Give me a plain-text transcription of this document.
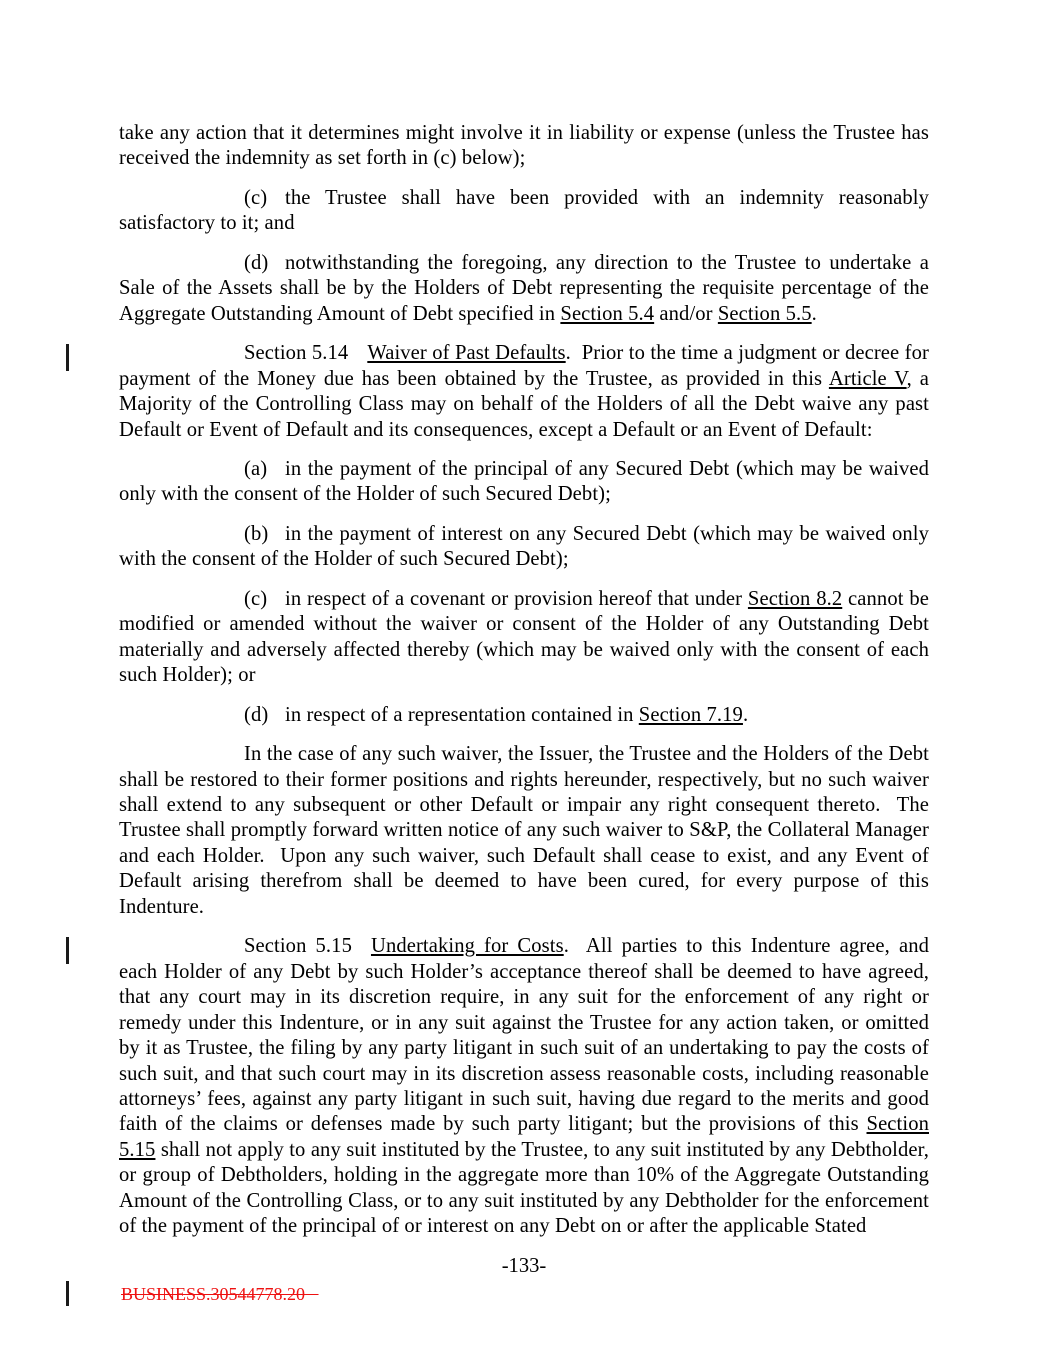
take any action that it determines might involve it in liability or expense (unless the Trustee has received the indemnity as set forth in (c) below);

(c) the Trustee shall have been provided with an indemnity reasonably satisfactory to it; and

(d) notwithstanding the foregoing, any direction to the Trustee to undertake a Sale of the Assets shall be by the Holders of Debt representing the requisite percentage of the Aggregate Outstanding Amount of Debt specified in Section 5.4 and/or Section 5.5.

Section 5.14 Waiver of Past Defaults.  Prior to the time a judgment or decree for payment of the Money due has been obtained by the Trustee, as provided in this Article V, a Majority of the Controlling Class may on behalf of the Holders of all the Debt waive any past Default or Event of Default and its consequences, except a Default or an Event of Default:

(a) in the payment of the principal of any Secured Debt (which may be waived only with the consent of the Holder of such Secured Debt);

(b) in the payment of interest on any Secured Debt (which may be waived only with the consent of the Holder of such Secured Debt);

(c) in respect of a covenant or provision hereof that under Section 8.2 cannot be modified or amended without the waiver or consent of the Holder of any Outstanding Debt materially and adversely affected thereby (which may be waived only with the consent of each such Holder); or

(d) in respect of a representation contained in Section 7.19.

In the case of any such waiver, the Issuer, the Trustee and the Holders of the Debt shall be restored to their former positions and rights hereunder, respectively, but no such waiver shall extend to any subsequent or other Default or impair any right consequent thereto.  The Trustee shall promptly forward written notice of any such waiver to S&P, the Collateral Manager and each Holder.  Upon any such waiver, such Default shall cease to exist, and any Event of Default arising therefrom shall be deemed to have been cured, for every purpose of this Indenture.

Section 5.15 Undertaking for Costs.  All parties to this Indenture agree, and each Holder of any Debt by such Holder’s acceptance thereof shall be deemed to have agreed, that any court may in its discretion require, in any suit for the enforcement of any right or remedy under this Indenture, or in any suit against the Trustee for any action taken, or omitted by it as Trustee, the filing by any party litigant in such suit of an undertaking to pay the costs of such suit, and that such court may in its discretion assess reasonable costs, including reasonable attorneys’ fees, against any party litigant in such suit, having due regard to the merits and good faith of the claims or defenses made by such party litigant; but the provisions of this Section 5.15 shall not apply to any suit instituted by the Trustee, to any suit instituted by any Debtholder, or group of Debtholders, holding in the aggregate more than 10% of the Aggregate Outstanding Amount of the Controlling Class, or to any suit instituted by any Debtholder for the enforcement of the payment of the principal of or interest on any Debt on or after the applicable Stated

-133-
BUSINESS.30544778.20
